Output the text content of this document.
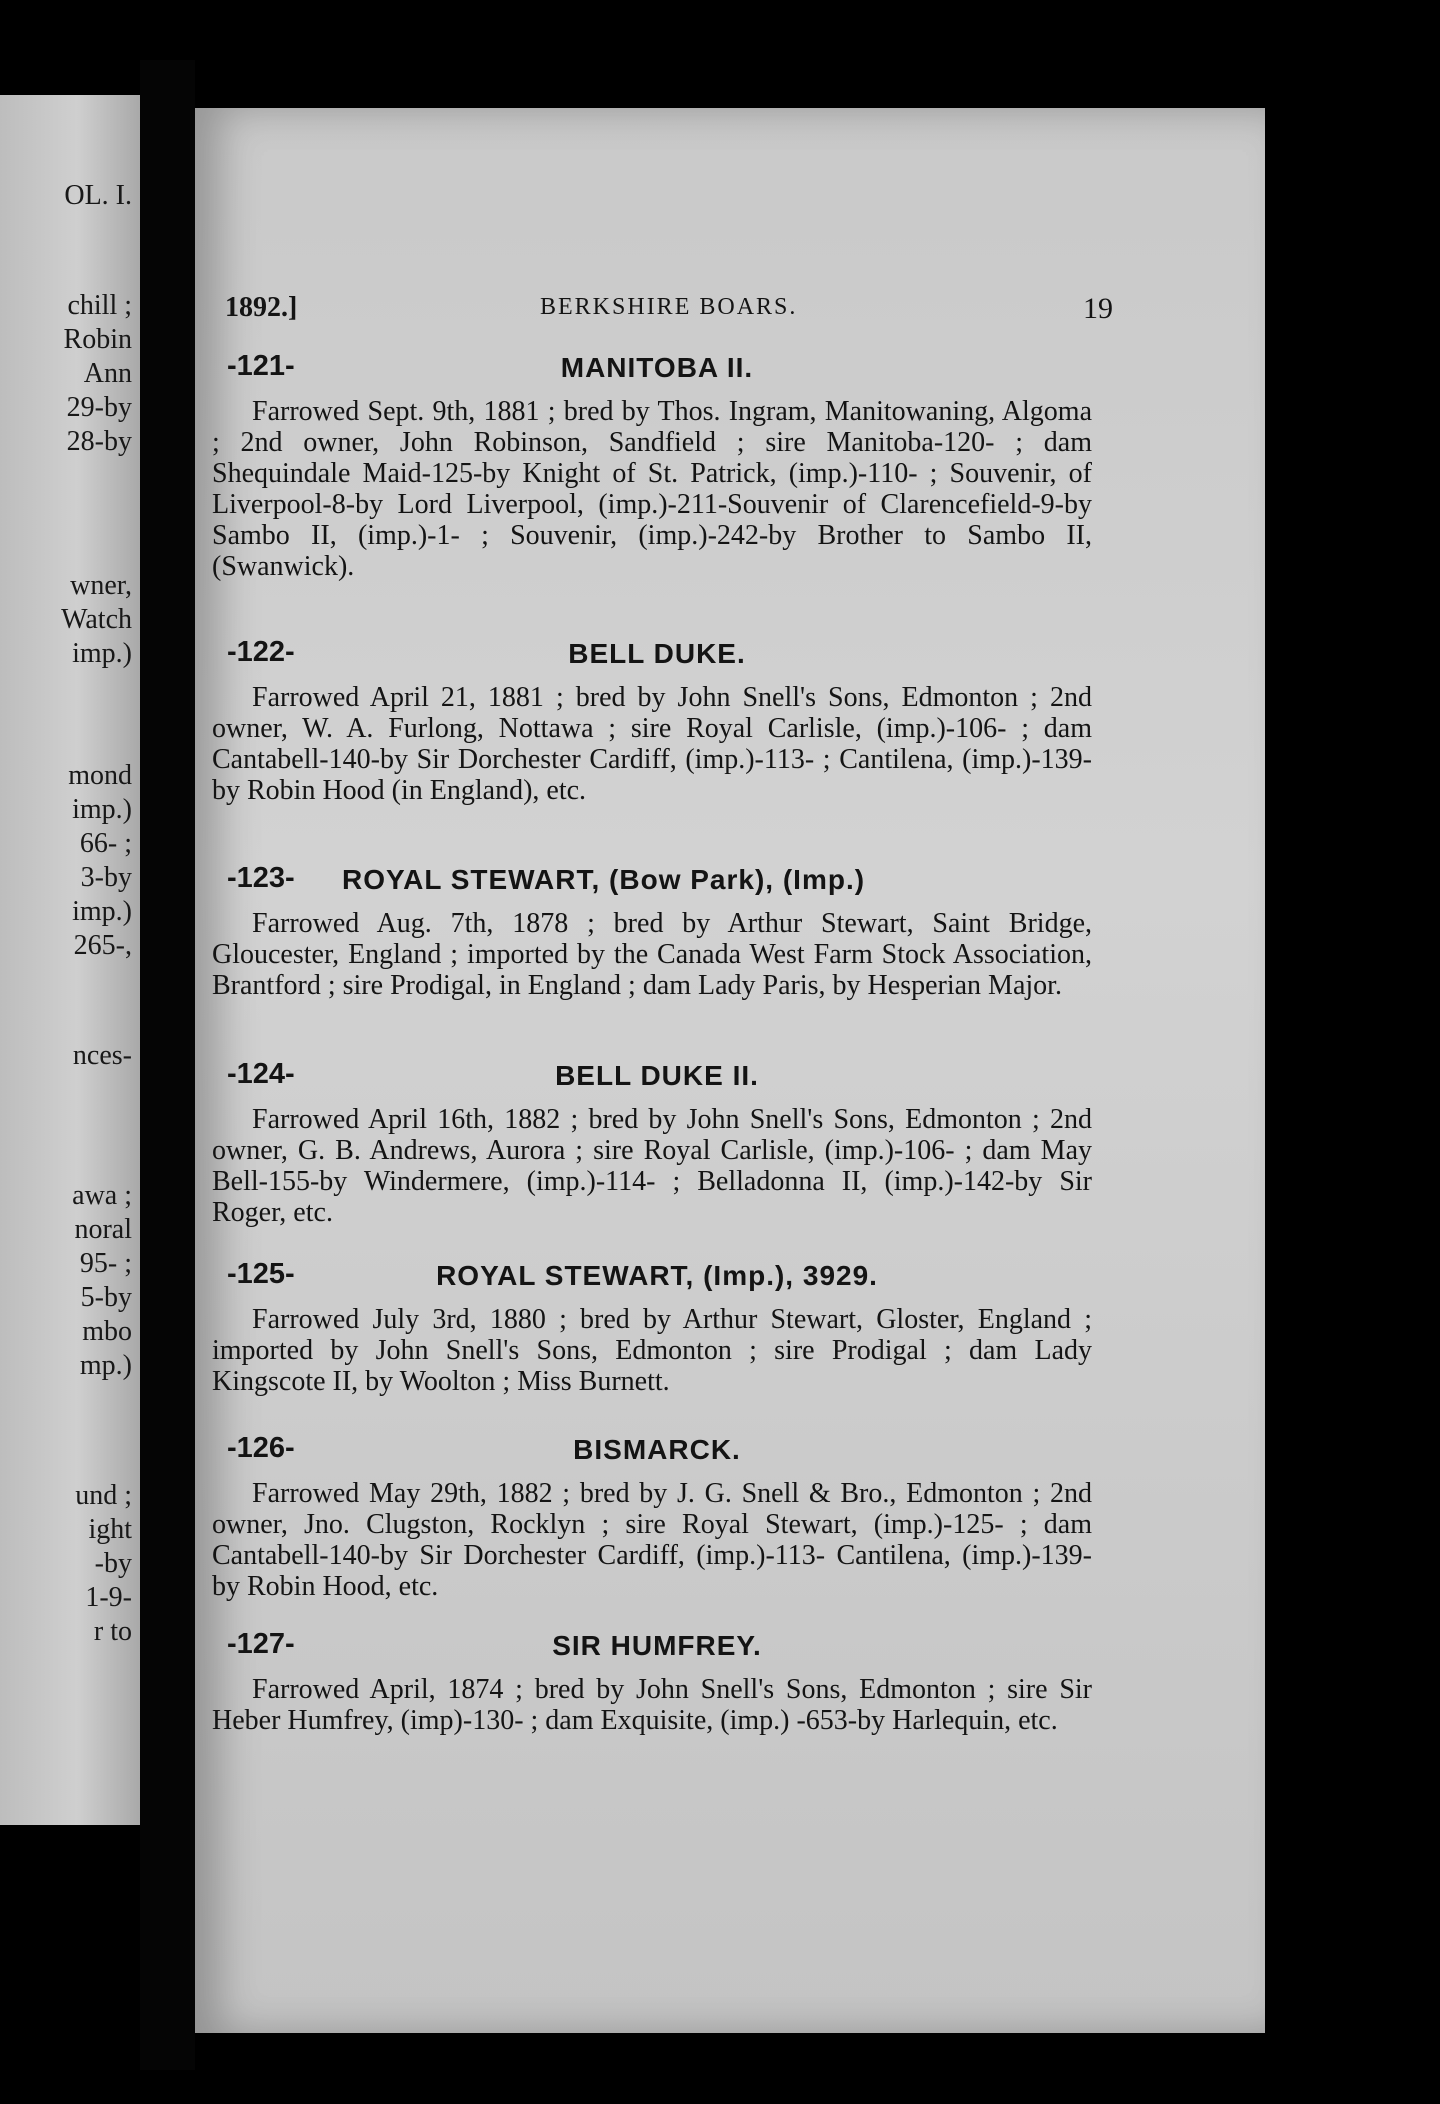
OL. I.
chill ;
Robin
Ann
29-by
28-by
wner,
Watch
imp.)
mond
imp.)
66- ;
3-by
imp.)
265-,
nces-
awa ;
noral
95- ;
5-by
mbo
mp.)
und ;
ight
-by
1-9-
r to
1892.]	BERKSHIRE BOARS.	19
-121-	MANITOBA II.

Farrowed Sept. 9th, 1881 ; bred by Thos. Ingram, Manitowaning, Algoma ; 2nd owner, John Robinson, Sandfield ; sire Manitoba-120- ; dam Shequindale Maid-125-by Knight of St. Patrick, (imp.)-110- ; Souvenir, of Liverpool-8-by Lord Liverpool, (imp.)-211-Souvenir of Clarencefield-9-by Sambo II, (imp.)-1- ; Souvenir, (imp.)-242-by Brother to Sambo II, (Swanwick).

-122-	BELL DUKE.

Farrowed April 21, 1881 ; bred by John Snell's Sons, Edmonton ; 2nd owner, W. A. Furlong, Nottawa ; sire Royal Carlisle, (imp.)-106- ; dam Cantabell-140-by Sir Dorchester Cardiff, (imp.)-113- ; Cantilena, (imp.)-139-by Robin Hood (in England), etc.

-123- ROYAL STEWART, (Bow Park), (Imp.)

Farrowed Aug. 7th, 1878 ; bred by Arthur Stewart, Saint Bridge, Gloucester, England ; imported by the Canada West Farm Stock Association, Brantford ; sire Prodigal, in England ; dam Lady Paris, by Hesperian Major.

-124-	BELL DUKE II.

Farrowed April 16th, 1882 ; bred by John Snell's Sons, Edmonton ; 2nd owner, G. B. Andrews, Aurora ; sire Royal Carlisle, (imp.)-106- ; dam May Bell-155-by Windermere, (imp.)-114- ; Belladonna II, (imp.)-142-by Sir Roger, etc.

-125-	ROYAL STEWART, (Imp.), 3929.

Farrowed July 3rd, 1880 ; bred by Arthur Stewart, Gloster, England ; imported by John Snell's Sons, Edmonton ; sire Prodigal ; dam Lady Kingscote II, by Woolton ; Miss Burnett.

-126-	BISMARCK.

Farrowed May 29th, 1882 ; bred by J. G. Snell & Bro., Edmonton ; 2nd owner, Jno. Clugston, Rocklyn ; sire Royal Stewart, (imp.)-125- ; dam Cantabell-140-by Sir Dorchester Cardiff, (imp.)-113- Cantilena, (imp.)-139-by Robin Hood, etc.

-127-	SIR HUMFREY.

Farrowed April, 1874 ; bred by John Snell's Sons, Edmonton ; sire Sir Heber Humfrey, (imp)-130- ; dam Exquisite, (imp.) -653-by Harlequin, etc.
